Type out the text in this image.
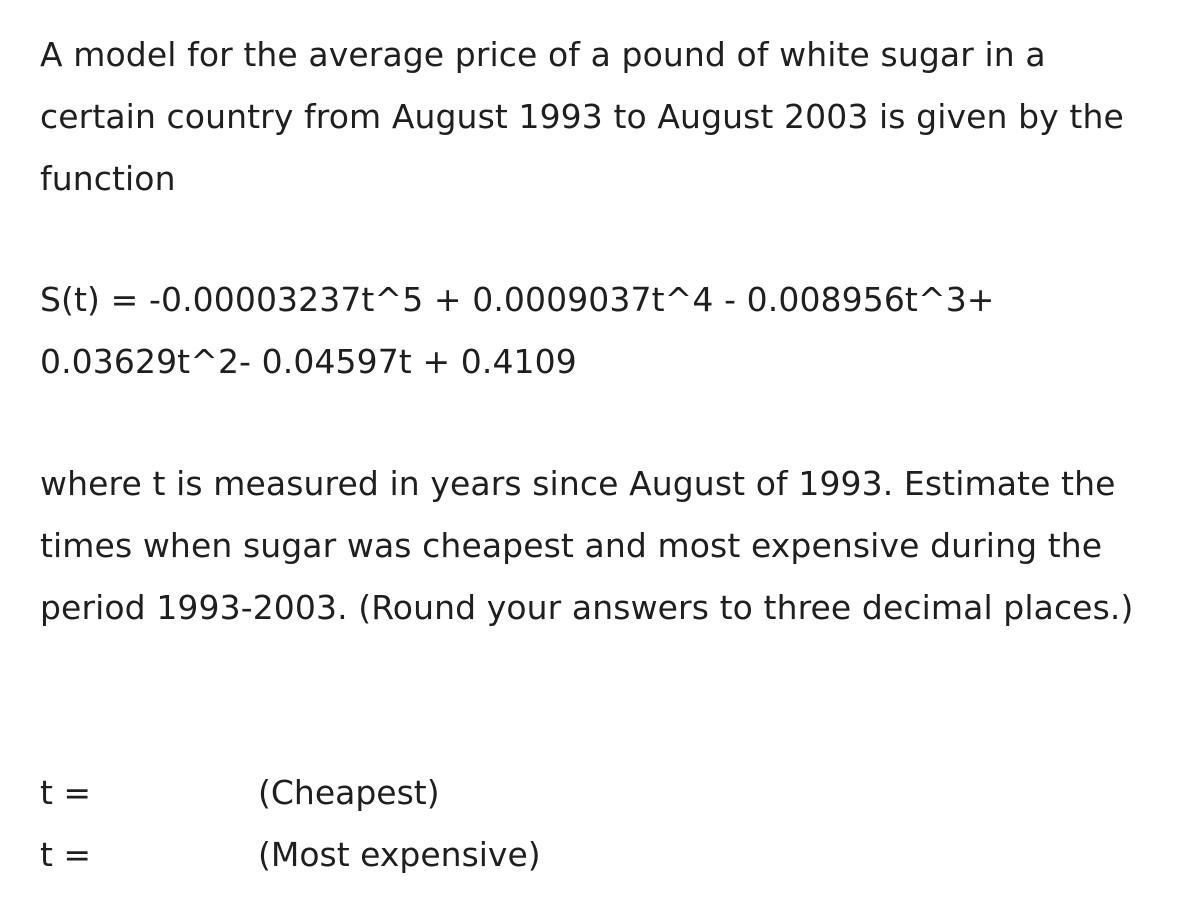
A model for the average price of a pound of white sugar in a certain country from August 1993 to August 2003 is given by the function

S(t) = -0.00003237t^5 + 0.0009037t^4 - 0.008956t^3+
0.03629t^2- 0.04597t + 0.4109

where t is measured in years since August of 1993. Estimate the times when sugar was cheapest and most expensive during the period 1993-2003. (Round your answers to three decimal places.)

t =	(Cheapest)
t =	(Most expensive)
